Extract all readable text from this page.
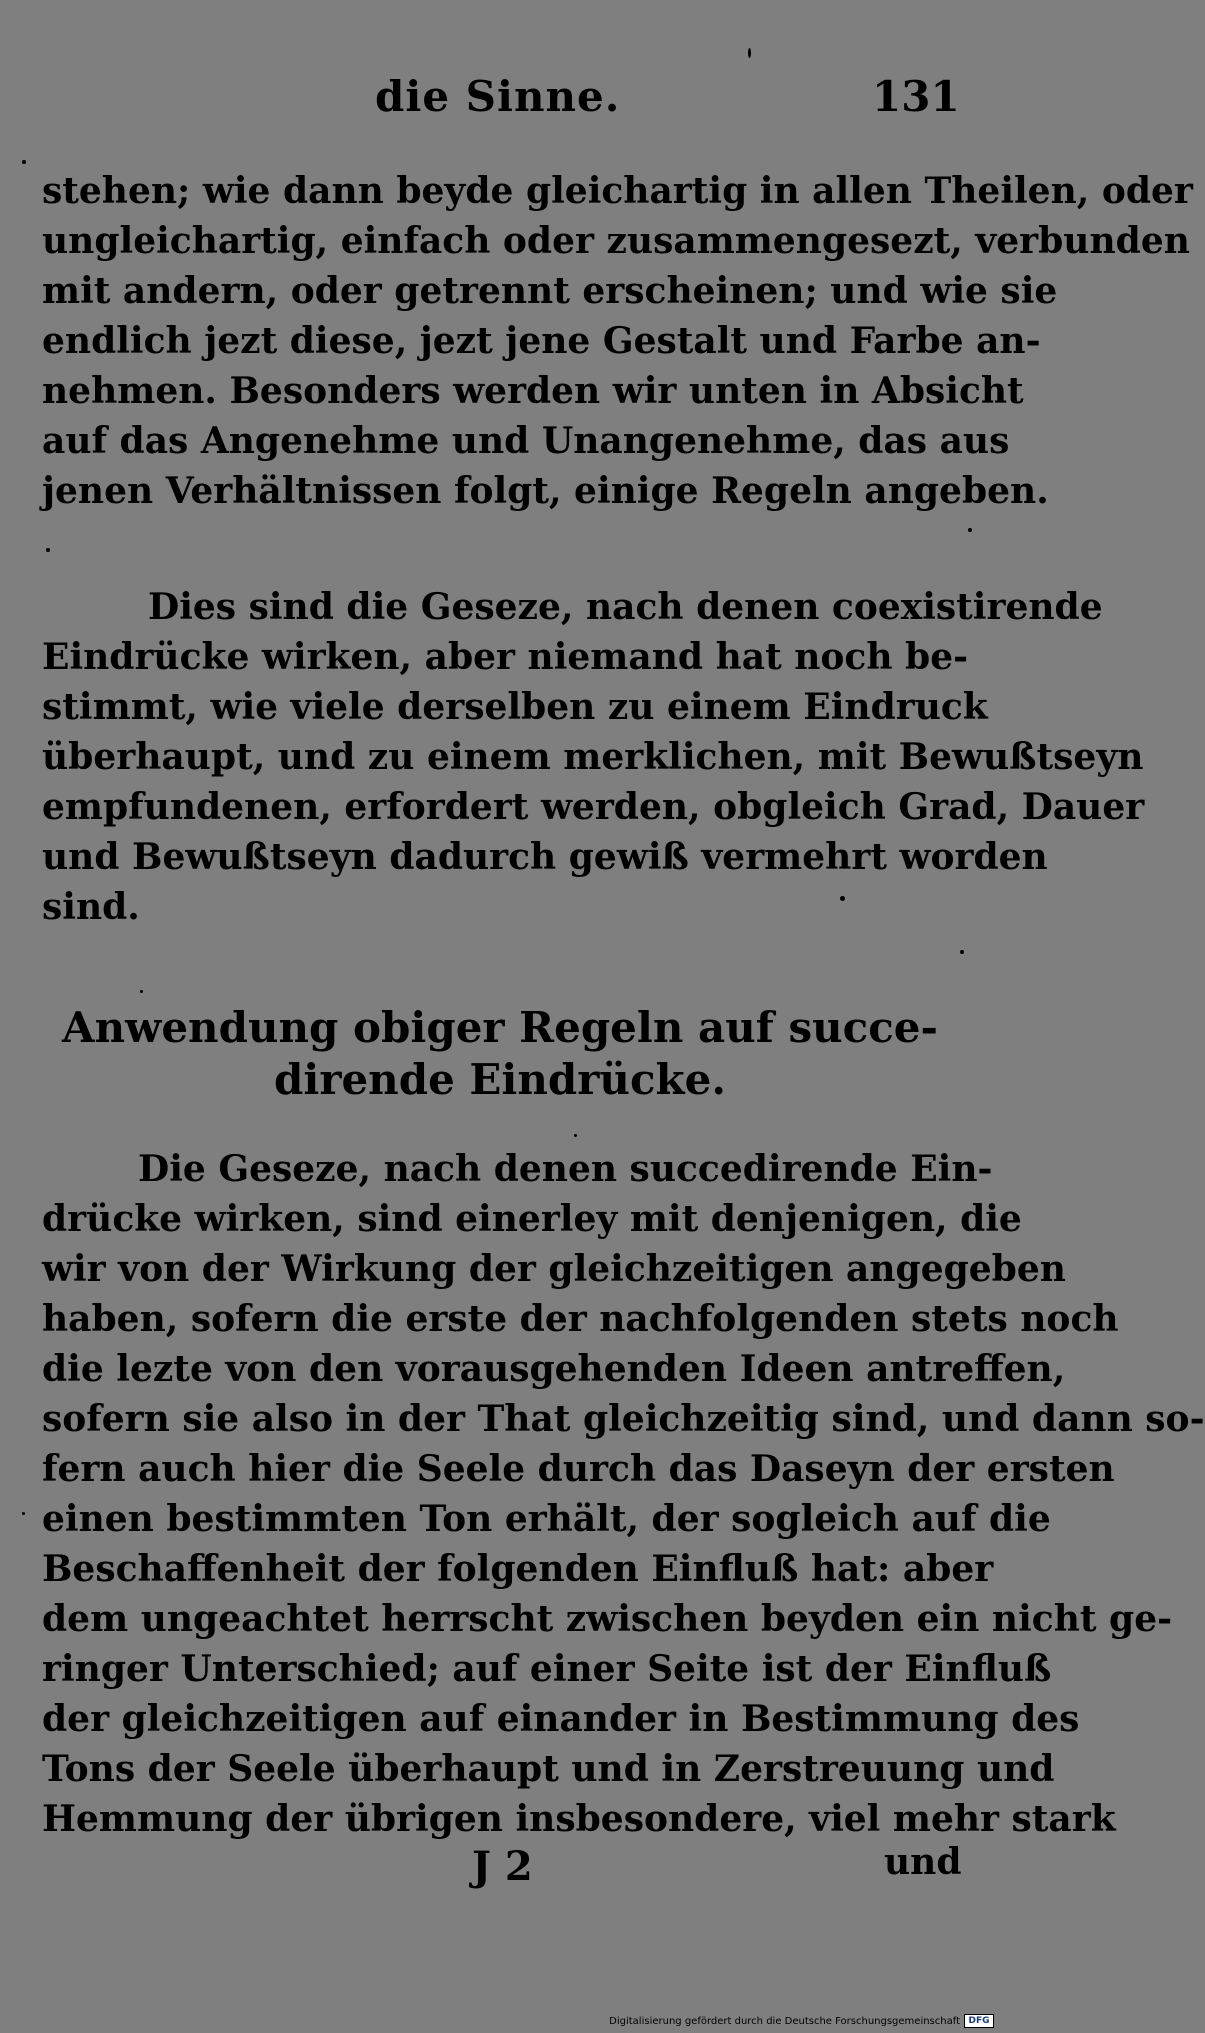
die Sinne.	131
stehen; wie dann beyde gleichartig in allen Theilen, oder
ungleichartig, einfach oder zusammengesezt, verbunden
mit andern, oder getrennt erscheinen; und wie sie
endlich jezt diese, jezt jene Gestalt und Farbe an-
nehmen. Besonders werden wir unten in Absicht
auf das Angenehme und Unangenehme, das aus
jenen Verhältnissen folgt, einige Regeln angeben.
Dies sind die Geseze, nach denen coexistirende
Eindrücke wirken, aber niemand hat noch be-
stimmt, wie viele derselben zu einem Eindruck
überhaupt, und zu einem merklichen, mit Bewußtseyn
empfundenen, erfordert werden, obgleich Grad, Dauer
und Bewußtseyn dadurch gewiß vermehrt worden
sind.
Anwendung obiger Regeln auf succe-
dirende Eindrücke.
Die Geseze, nach denen succedirende Ein-
drücke wirken, sind einerley mit denjenigen, die
wir von der Wirkung der gleichzeitigen angegeben
haben, sofern die erste der nachfolgenden stets noch
die lezte von den vorausgehenden Ideen antreffen,
sofern sie also in der That gleichzeitig sind, und dann so-
fern auch hier die Seele durch das Daseyn der ersten
einen bestimmten Ton erhält, der sogleich auf die
Beschaffenheit der folgenden Einfluß hat: aber
dem ungeachtet herrscht zwischen beyden ein nicht ge-
ringer Unterschied; auf einer Seite ist der Einfluß
der gleichzeitigen auf einander in Bestimmung des
Tons der Seele überhaupt und in Zerstreuung und
Hemmung der übrigen insbesondere, viel mehr stark
J 2	und
Digitalisierung gefördert durch die Deutsche Forschungsgemeinschaft DFG
